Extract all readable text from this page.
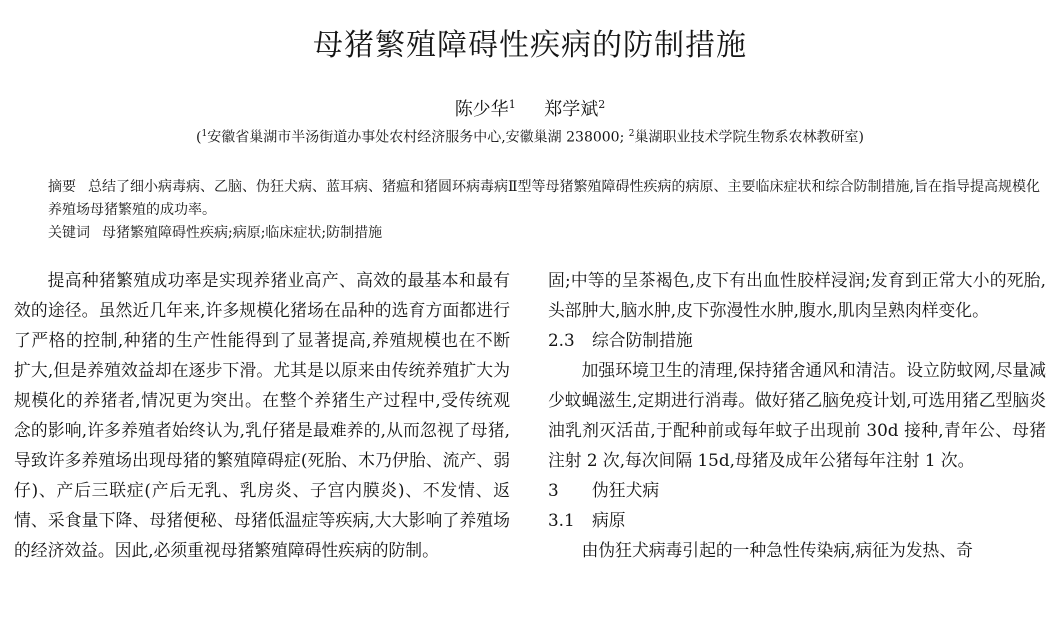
母猪繁殖障碍性疾病的防制措施
陈少华$^1$ 郑学斌$^2$
($^1$安徽省巢湖市半汤街道办事处农村经济服务中心,安徽巢湖 238000; $^2$巢湖职业技术学院生物系农林教研室)
摘要 总结了细小病毒病、乙脑、伪狂犬病、蓝耳病、猪瘟和猪圆环病毒病Ⅱ型等母猪繁殖障碍性疾病的病原、主要临床症状和综合防制措施,旨在指导提高规模化养殖场母猪繁殖的成功率。
关键词 母猪繁殖障碍性疾病;病原;临床症状;防制措施

提高种猪繁殖成功率是实现养猪业高产、高效的最基本和最有效的途径。虽然近几年来,许多规模化猪场在品种的选育方面都进行了严格的控制,种猪的生产性能得到了显著提高,养殖规模也在不断扩大,但是养殖效益却在逐步下滑。尤其是以原来由传统养殖扩大为规模化的养猪者,情况更为突出。在整个养猪生产过程中,受传统观念的影响,许多养殖者始终认为,乳仔猪是最难养的,从而忽视了母猪,导致许多养殖场出现母猪的繁殖障碍症(死胎、木乃伊胎、流产、弱仔)、产后三联症(产后无乳、乳房炎、子宫内膜炎)、不发情、返情、采食量下降、母猪便秘、母猪低温症等疾病,大大影响了养殖场的经济效益。因此,必须重视母猪繁殖障碍性疾病的防制。

固;中等的呈茶褐色,皮下有出血性胶样浸润;发育到正常大小的死胎,头部肿大,脑水肿,皮下弥漫性水肿,腹水,肌肉呈熟肉样变化。

2.3 综合防制措施

加强环境卫生的清理,保持猪舍通风和清洁。设立防蚊网,尽量减少蚊蝇滋生,定期进行消毒。做好猪乙脑免疫计划,可选用猪乙型脑炎油乳剂灭活苗,于配种前或每年蚊子出现前 30d 接种,青年公、母猪注射 2 次,每次间隔 15d,母猪及成年公猪每年注射 1 次。

3 伪狂犬病

3.1 病原

由伪狂犬病毒引起的一种急性传染病,病征为发热、奇
